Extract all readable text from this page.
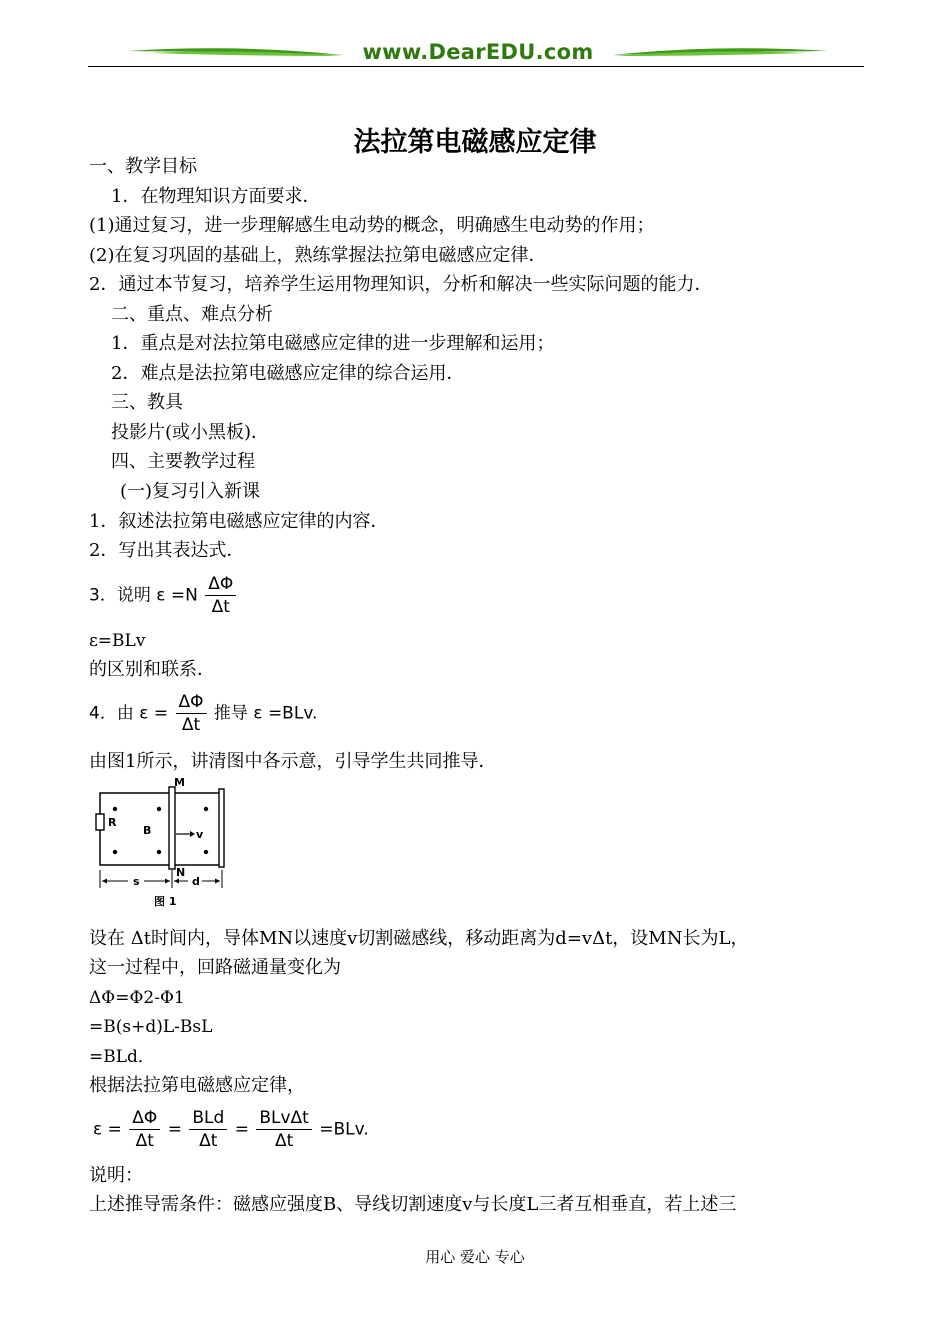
www.DearEDU.com
法拉第电磁感应定律
一、教学目标
1．在物理知识方面要求．
(1)通过复习，进一步理解感生电动势的概念，明确感生电动势的作用；
(2)在复习巩固的基础上，熟练掌握法拉第电磁感应定律．
2．通过本节复习，培养学生运用物理知识，分析和解决一些实际问题的能力．
二、重点、难点分析
1．重点是对法拉第电磁感应定律的进一步理解和运用；
2．难点是法拉第电磁感应定律的综合运用．
三、教具
投影片(或小黑板)．
四、主要教学过程
(一)复习引入新课
1．叙述法拉第电磁感应定律的内容．
2．写出其表达式．
3．说明 $\varepsilon =N \frac{\Delta\Phi}{\Delta t}$
ε=BLv
的区别和联系．
4．由 $\varepsilon = \frac{\Delta\Phi}{\Delta t}$ 推导 ε =BLv.
由图1所示，讲清图中各示意，引导学生共同推导．
M
N
R
B	v
s	d
图 1
设在 Δt时间内，导体MN以速度v切割磁感线，移动距离为d=vΔt，设MN长为L，
这一过程中，回路磁通量变化为
ΔΦ=Φ2-Φ1
=B(s+d)L-BsL
=BLd．
根据法拉第电磁感应定律，
$\varepsilon = \frac{\Delta\Phi}{\Delta t} = \frac{\text{BLd}}{\Delta t} = \frac{\text{BLvΔt}}{\Delta t} =BLv$.
说明：
上述推导需条件：磁感应强度B、导线切割速度v与长度L三者互相垂直，若上述三
用心 爱心 专心
